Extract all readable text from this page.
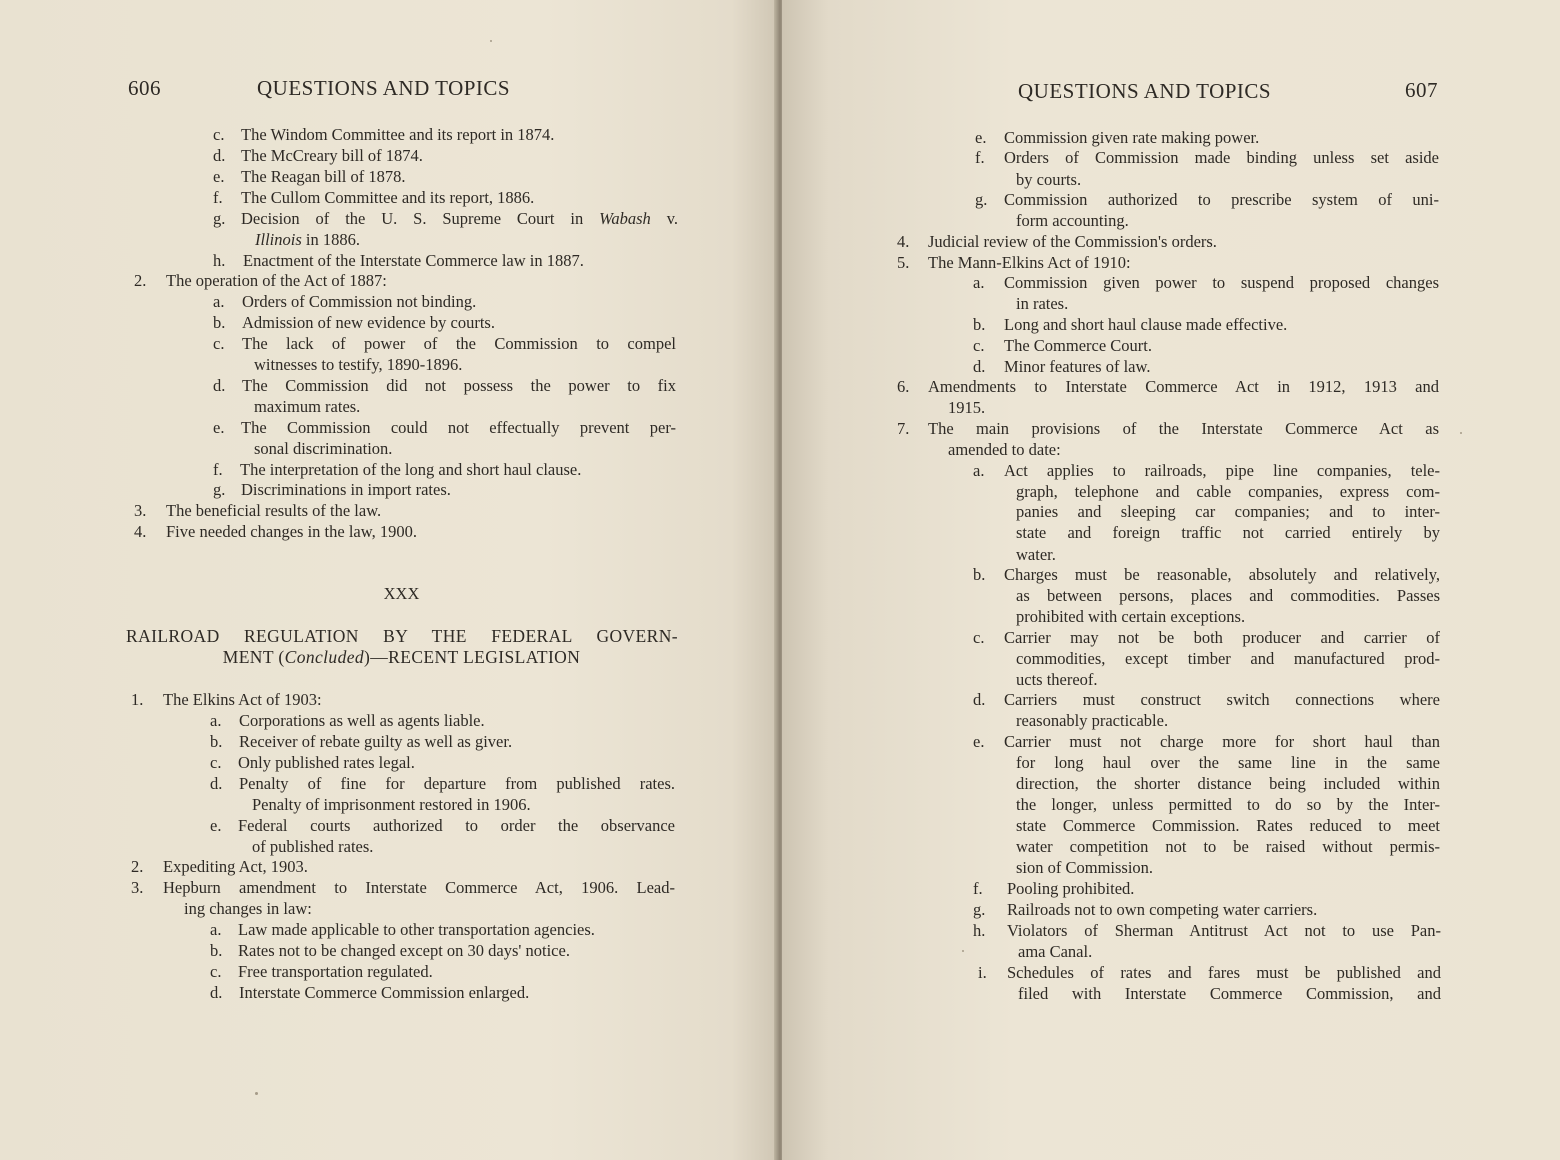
606	QUESTIONS AND TOPICS
c. The Windom Committee and its report in 1874.
d. The McCreary bill of 1874.
e. The Reagan bill of 1878.
f. The Cullom Committee and its report, 1886.
g. Decision of the U. S. Supreme Court in Wabash v.
Illinois in 1886.
h. Enactment of the Interstate Commerce law in 1887.
2. The operation of the Act of 1887:
a. Orders of Commission not binding.
b. Admission of new evidence by courts.
c. The lack of power of the Commission to compel
witnesses to testify, 1890-1896.
d. The Commission did not possess the power to fix
maximum rates.
e. The Commission could not effectually prevent per-
sonal discrimination.
f. The interpretation of the long and short haul clause.
g. Discriminations in import rates.
3. The beneficial results of the law.
4. Five needed changes in the law, 1900.
XXX
RAILROAD REGULATION BY THE FEDERAL GOVERN-
MENT (Concluded)—RECENT LEGISLATION
1. The Elkins Act of 1903:
a. Corporations as well as agents liable.
b. Receiver of rebate guilty as well as giver.
c. Only published rates legal.
d. Penalty of fine for departure from published rates.
Penalty of imprisonment restored in 1906.
e. Federal courts authorized to order the observance
of published rates.
2. Expediting Act, 1903.
3. Hepburn amendment to Interstate Commerce Act, 1906. Lead-
ing changes in law:
a. Law made applicable to other transportation agencies.
b. Rates not to be changed except on 30 days' notice.
c. Free transportation regulated.
d. Interstate Commerce Commission enlarged.
QUESTIONS AND TOPICS	607
e. Commission given rate making power.
f. Orders of Commission made binding unless set aside
by courts.
g. Commission authorized to prescribe system of uni-
form accounting.
4. Judicial review of the Commission's orders.
5. The Mann-Elkins Act of 1910:
a. Commission given power to suspend proposed changes
in rates.
b. Long and short haul clause made effective.
c. The Commerce Court.
d. Minor features of law.
6. Amendments to Interstate Commerce Act in 1912, 1913 and
1915.
7. The main provisions of the Interstate Commerce Act as
amended to date:
a. Act applies to railroads, pipe line companies, tele-
graph, telephone and cable companies, express com-
panies and sleeping car companies; and to inter-
state and foreign traffic not carried entirely by
water.
b. Charges must be reasonable, absolutely and relatively,
as between persons, places and commodities. Passes
prohibited with certain exceptions.
c. Carrier may not be both producer and carrier of
commodities, except timber and manufactured prod-
ucts thereof.
d. Carriers must construct switch connections where
reasonably practicable.
e. Carrier must not charge more for short haul than
for long haul over the same line in the same
direction, the shorter distance being included within
the longer, unless permitted to do so by the Inter-
state Commerce Commission. Rates reduced to meet
water competition not to be raised without permis-
sion of Commission.
f. Pooling prohibited.
g. Railroads not to own competing water carriers.
h. Violators of Sherman Antitrust Act not to use Pan-
ama Canal.
i. Schedules of rates and fares must be published and
filed with Interstate Commerce Commission, and
